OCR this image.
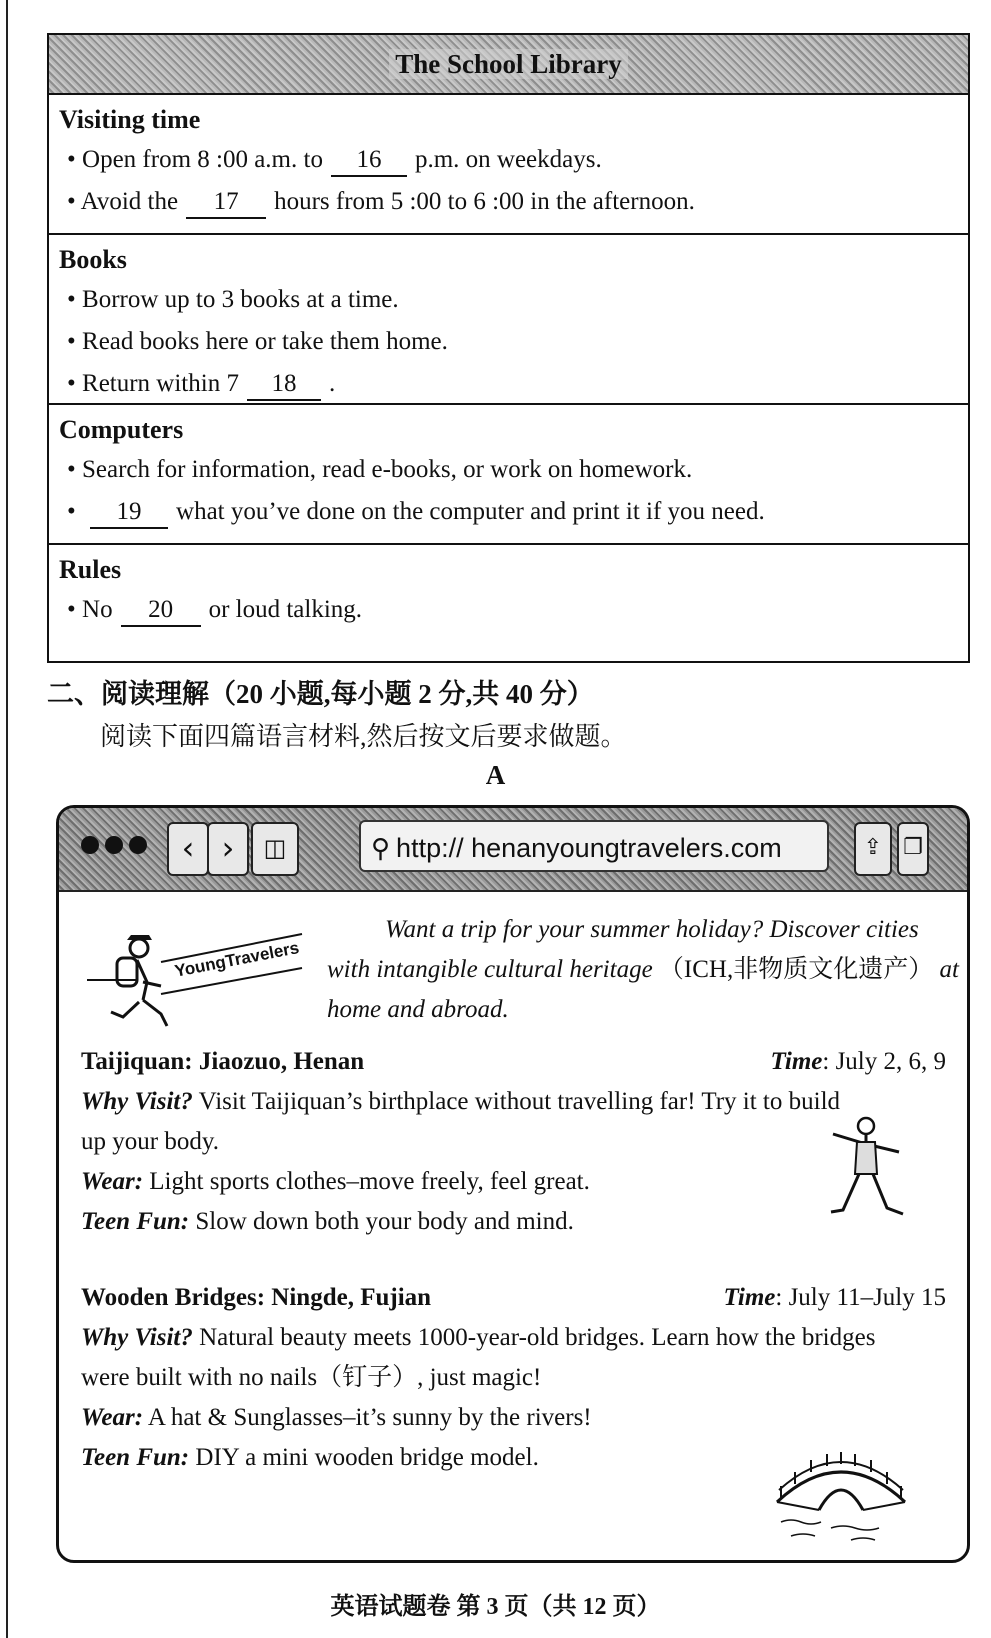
The School Library
Visiting time
• Open from 8 :00 a.m. to 16 p.m. on weekdays.
• Avoid the 17 hours from 5 :00 to 6 :00 in the afternoon.
Books
• Borrow up to 3 books at a time.
• Read books here or take them home.
• Return within 7 18 .
Computers
• Search for information, read e-books, or work on homework.
• 19 what you’ve done on the computer and print it if you need.
Rules
• No 20 or loud talking.
二、阅读理解（20 小题,每小题 2 分,共 40 分）
阅读下面四篇语言材料,然后按文后要求做题。
A
‹ ›	◫	⚲ http:// henanyoungtravelers.com	⇪ ❐
YoungTravelers
Want a trip for your summer holiday? Discover cities with intangible cultural heritage （ICH,非物质文化遗产） at home and abroad.
Taijiquan: Jiaozuo, Henan	Time: July 2, 6, 9

Why Visit? Visit Taijiquan’s birthplace without travelling far! Try it to build up your body.

Wear: Light sports clothes–move freely, feel great.

Teen Fun: Slow down both your body and mind.

Wooden Bridges: Ningde, Fujian	Time: July 11–July 15

Why Visit? Natural beauty meets 1000-year-old bridges. Learn how the bridges were built with no nails（钉子）, just magic!

Wear: A hat & Sunglasses–it’s sunny by the rivers!

Teen Fun: DIY a mini wooden bridge model.

英语试题卷 第 3 页（共 12 页）
